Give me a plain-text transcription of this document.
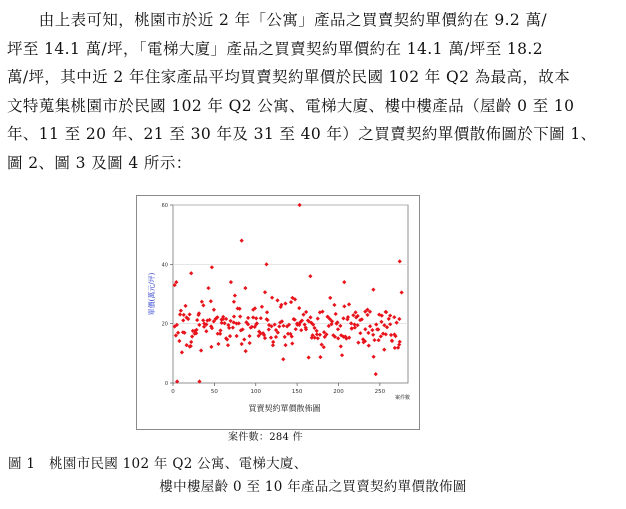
　　由上表可知，桃園市於近 2 年「公寓」產品之買賣契約單價約在 9.2 萬/
坪至 14.1 萬/坪，「電梯大廈」產品之買賣契約單價約在 14.1 萬/坪至 18.2
萬/坪，其中近 2 年住家產品平均買賣契約單價於民國 102 年 Q2 為最高，故本
文特蒐集桃園市於民國 102 年 Q2 公寓、電梯大廈、樓中樓產品（屋齡 0 至 10
年、11 至 20 年、21 至 30 年及 31 至 40 年）之買賣契約單價散佈圖於下圖 1、
圖 2、圖 3 及圖 4 所示：
0
20
40
60
0	50	100	150	200	250
買賣契約單價散佈圖
案件數
單價(萬元/坪)
案件數：284 件
圖 1　桃園市民國 102 年 Q2 公寓、電梯大廈、
樓中樓屋齡 0 至 10 年產品之買賣契約單價散佈圖
